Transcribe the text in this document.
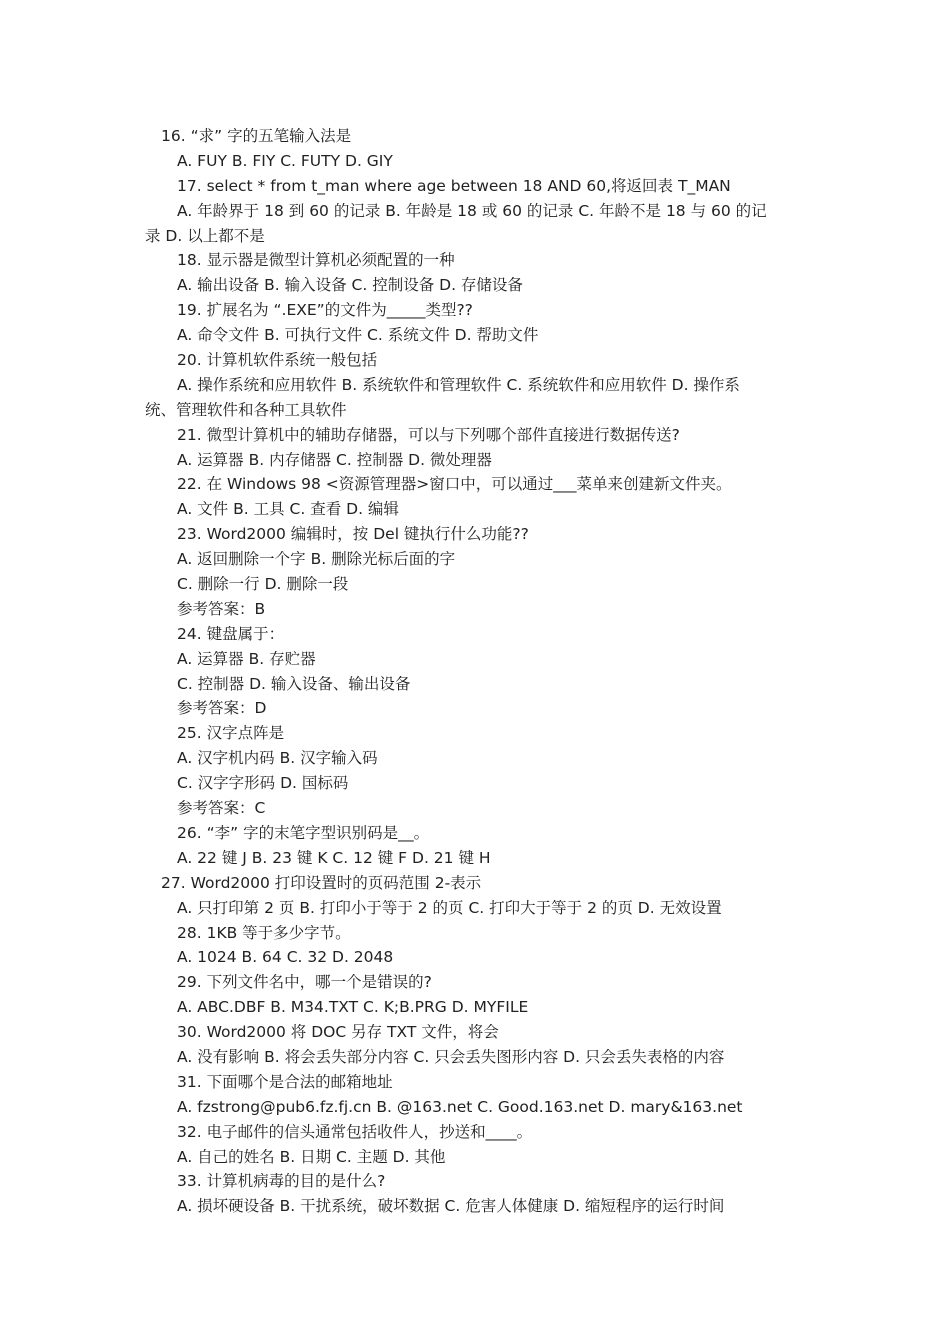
16. “求” 字的五笔输入法是
A. FUY B. FIY C. FUTY D. GIY
17. select * from t_man where age between 18 AND 60,将返回表 T_MAN
A. 年龄界于 18 到 60 的记录 B. 年龄是 18 或 60 的记录 C. 年龄不是 18 与 60 的记
录 D. 以上都不是
18. 显示器是微型计算机必须配置的一种
A. 输出设备 B. 输入设备 C. 控制设备 D. 存储设备
19. 扩展名为 “.EXE”的文件为_____类型??
A. 命令文件 B. 可执行文件 C. 系统文件 D. 帮助文件
20. 计算机软件系统一般包括
A. 操作系统和应用软件 B. 系统软件和管理软件 C. 系统软件和应用软件 D. 操作系
统、管理软件和各种工具软件
21. 微型计算机中的辅助存储器，可以与下列哪个部件直接进行数据传送?
A. 运算器 B. 内存储器 C. 控制器 D. 微处理器
22. 在 Windows 98 <资源管理器>窗口中，可以通过___菜单来创建新文件夹。
A. 文件 B. 工具 C. 查看 D. 编辑
23. Word2000 编辑时，按 Del 键执行什么功能??
A. 返回删除一个字 B. 删除光标后面的字
C. 删除一行 D. 删除一段
参考答案：B
24. 键盘属于：
A. 运算器 B. 存贮器
C. 控制器 D. 输入设备、输出设备
参考答案：D
25. 汉字点阵是
A. 汉字机内码 B. 汉字输入码
C. 汉字字形码 D. 国标码
参考答案：C
26. “李” 字的末笔字型识别码是__。
A. 22 键 J B. 23 键 K C. 12 键 F D. 21 键 H
27. Word2000 打印设置时的页码范围 2-表示
A. 只打印第 2 页 B. 打印小于等于 2 的页 C. 打印大于等于 2 的页 D. 无效设置
28. 1KB 等于多少字节。
A. 1024 B. 64 C. 32 D. 2048
29. 下列文件名中，哪一个是错误的?
A. ABC.DBF B. M34.TXT C. K;B.PRG D. MYFILE
30. Word2000 将 DOC 另存 TXT 文件，将会
A. 没有影响 B. 将会丢失部分内容 C. 只会丢失图形内容 D. 只会丢失表格的内容
31. 下面哪个是合法的邮箱地址
A. fzstrong@pub6.fz.fj.cn B. @163.net C. Good.163.net D. mary&163.net
32. 电子邮件的信头通常包括收件人，抄送和____。
A. 自己的姓名 B. 日期 C. 主题 D. 其他
33. 计算机病毒的目的是什么?
A. 损坏硬设备 B. 干扰系统，破坏数据 C. 危害人体健康 D. 缩短程序的运行时间
